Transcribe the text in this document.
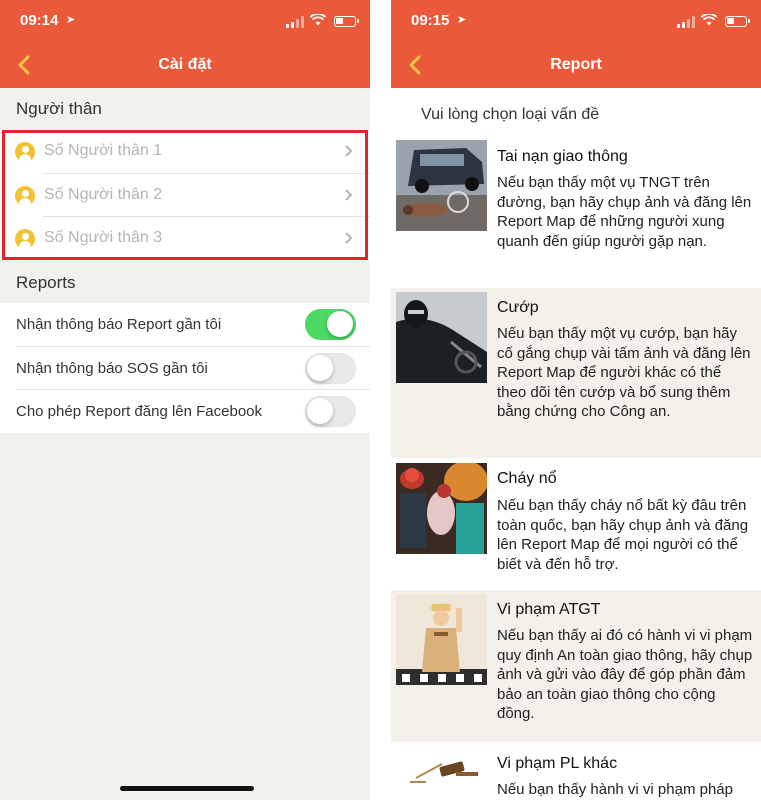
09:14 ➤
Cài đặt
Người thân
Số Người thân 1
Số Người thân 2
Số Người thân 3
Reports
Nhận thông báo Report gần tôi
Nhận thông báo SOS gần tôi
Cho phép Report đăng lên Facebook
09:15 ➤
Report
Vui lòng chọn loại vấn đề
Tai nạn giao thông
Nếu bạn thấy một vụ TNGT trên đường, bạn hãy chụp ảnh và đăng lên Report Map để những người xung quanh đến giúp người gặp nạn.
Cướp
Nếu bạn thấy một vụ cướp, bạn hãy cố gắng chụp vài tấm ảnh và đăng lên Report Map để người khác có thể theo dõi tên cướp và bổ sung thêm bằng chứng cho Công an.
Cháy nổ
Nếu bạn thấy cháy nổ bất kỳ đâu trên toàn quốc, bạn hãy chụp ảnh và đăng lên Report Map để mọi người có thể biết và đến hỗ trợ.
Vi phạm ATGT
Nếu bạn thấy ai đó có hành vi vi phạm quy định An toàn giao thông, hãy chụp ảnh và gửi vào đây để góp phần đảm bảo an toàn giao thông cho cộng đồng.
Vi phạm PL khác
Nếu bạn thấy hành vi vi phạm pháp
